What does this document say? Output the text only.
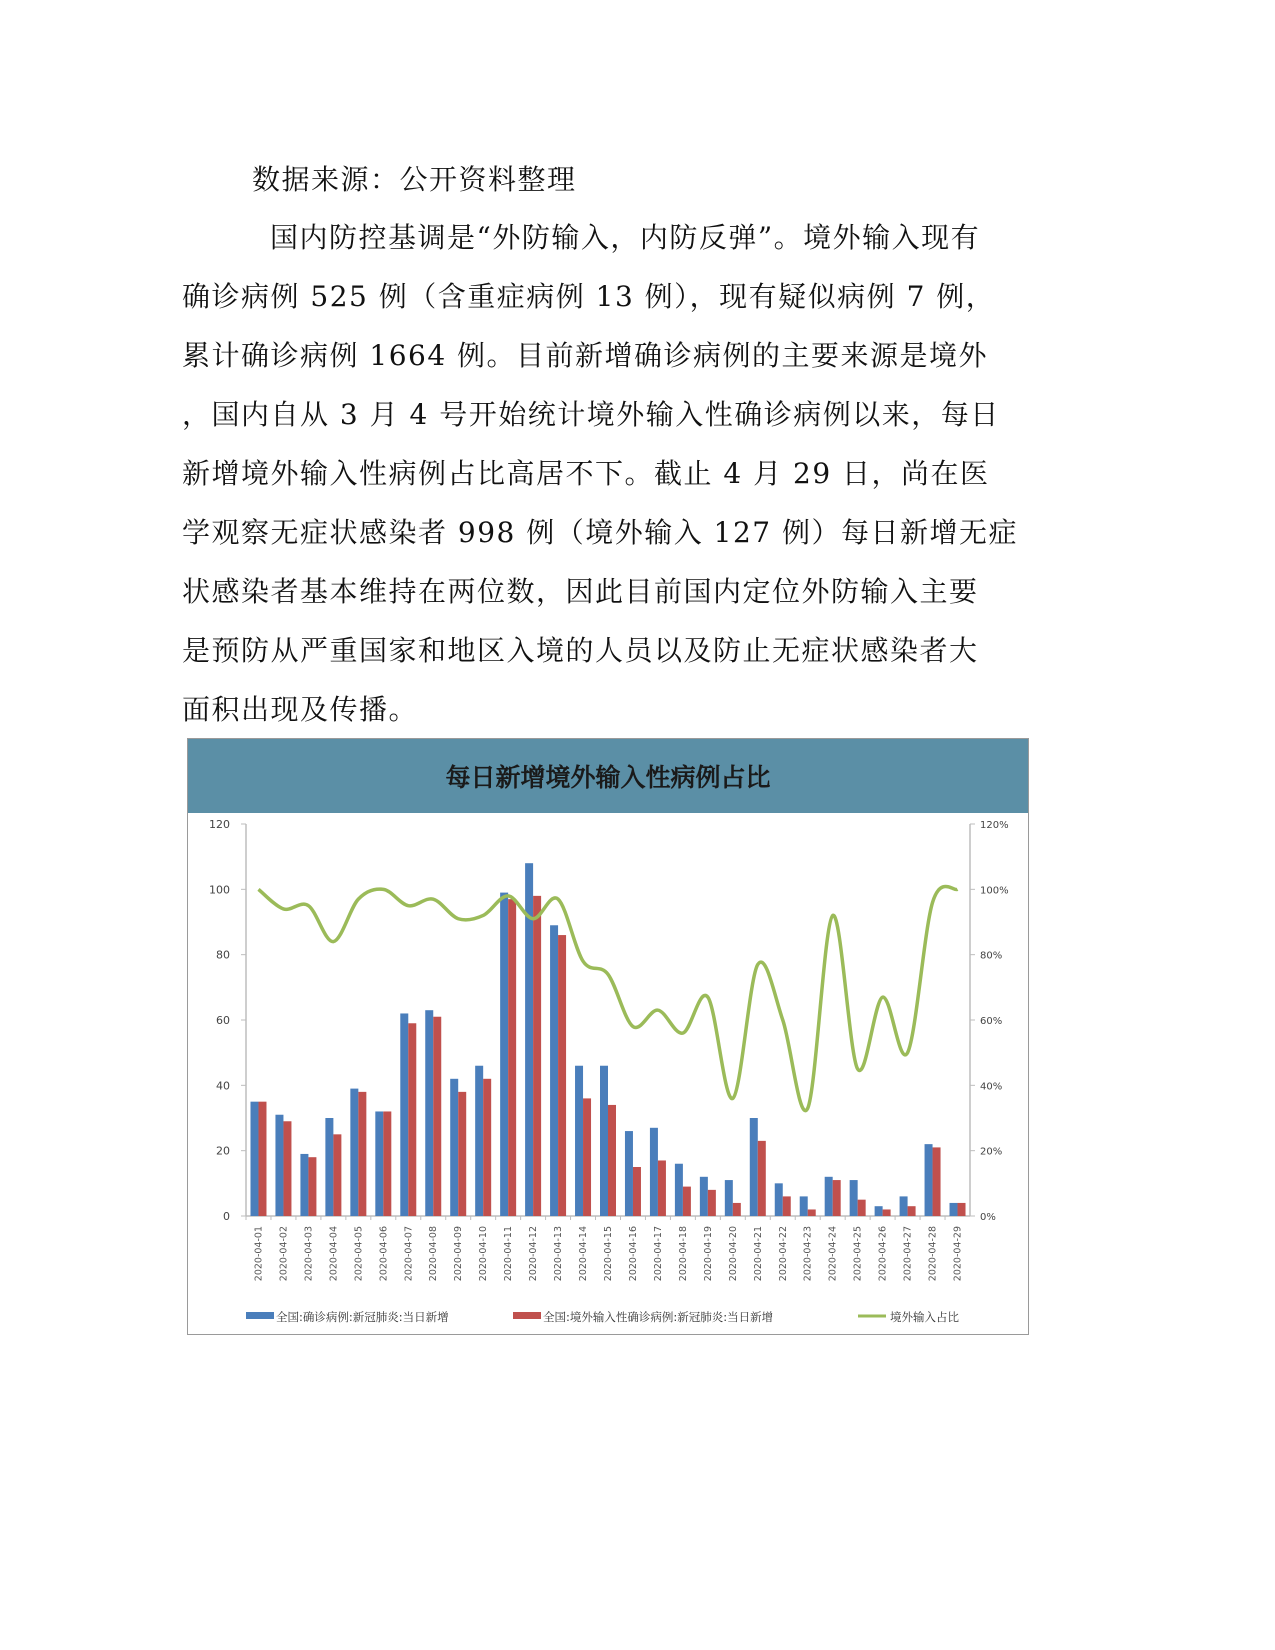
数据来源：公开资料整理
每日新增境外输入性病例占比
0
20
40
60
80
100
120
0%
20%
40%
60%
80%
100%
120%
2020-04-01 2020-04-02 2020-04-03 2020-04-04 2020-04-05 2020-04-06 2020-04-07 2020-04-08 2020-04-09 2020-04-10 2020-04-11 2020-04-12 2020-04-13 2020-04-14 2020-04-15 2020-04-16 2020-04-17 2020-04-18 2020-04-19 2020-04-20 2020-04-21 2020-04-22 2020-04-23 2020-04-24 2020-04-25 2020-04-26 2020-04-27 2020-04-28 2020-04-29
全国:确诊病例:新冠肺炎:当日新增	全国:境外输入性确诊病例:新冠肺炎:当日新增	境外输入占比
国内防控基调是“外防输入，内防反弹”。境外输入现有
确诊病例 525 例（含重症病例 13 例），现有疑似病例 7 例，
累计确诊病例 1664 例。目前新增确诊病例的主要来源是境外
，国内自从 3 月 4 号开始统计境外输入性确诊病例以来，每日
新增境外输入性病例占比高居不下。截止 4 月 29 日，尚在医
学观察无症状感染者 998 例（境外输入 127 例）每日新增无症
状感染者基本维持在两位数，因此目前国内定位外防输入主要
是预防从严重国家和地区入境的人员以及防止无症状感染者大
面积出现及传播。
